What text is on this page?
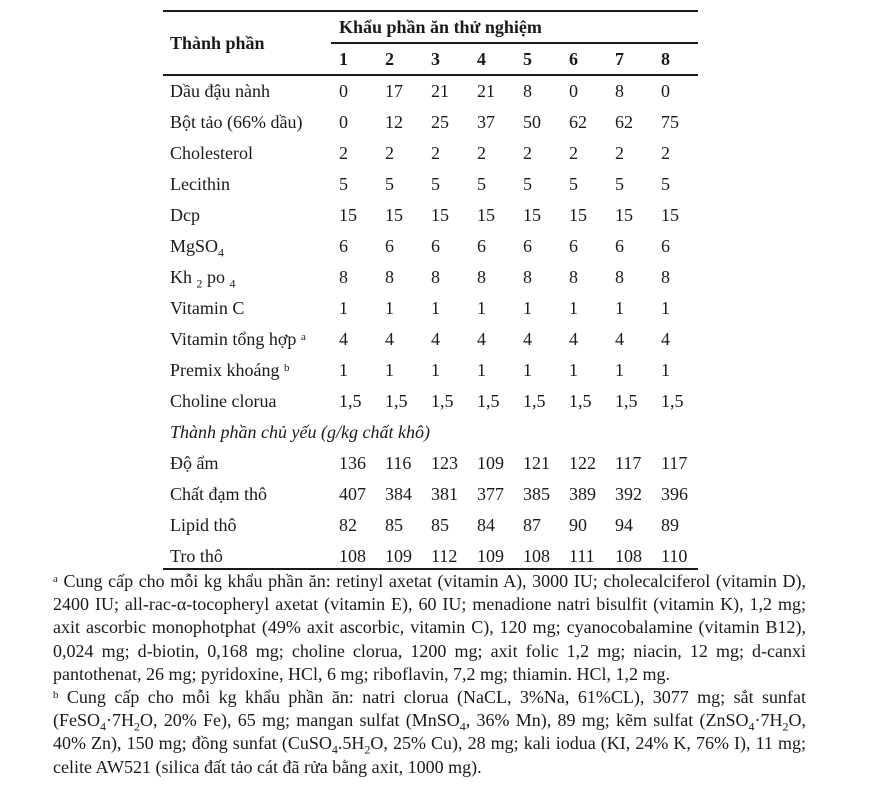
Thành phần
Khẩu phần ăn thử nghiệm
1 2 3 4 5 6 7 8
Dầu đậu nành	0 17 21 21 8 0 8 0
Bột tảo (66% dầu) 0 12 25 37 50 62 62 75
Cholesterol	2 2 2 2 2 2 2 2
Lecithin	5 5 5 5 5 5 5 5
Dcp	15 15 15 15 15 15 15 15
MgSO$_4$	6 6 6 6 6 6 6 6
Kh $_2$ po $_4$	8 8 8 8 8 8 8 8
Vitamin C	1 1 1 1 1 1 1 1
Vitamin tổng hợp $^a$ 4 4 4 4 4 4 4 4
Premix khoáng $^b$	1 1 1 1 1 1 1 1
Choline clorua	1,5 1,5 1,5 1,5 1,5 1,5 1,5 1,5
Thành phần chủ yếu (g/kg chất khô)
Độ ẩm	136 116 123 109 121 122 117 117
Chất đạm thô	407 384 381 377 385 389 392 396
Lipid thô	82 85 85 84 87 90 94 89
Tro thô	108 109 112 109 108 111 108 110

$^a$ Cung cấp cho mỗi kg khẩu phần ăn: retinyl axetat (vitamin A), 3000 IU; cholecalciferol (vitamin D), 2400 IU; all-rac-α-tocopheryl axetat (vitamin E), 60 IU; menadione natri bisulfit (vitamin K), 1,2 mg; axit ascorbic monophotphat (49% axit ascorbic, vitamin C), 120 mg; cyanocobalamine (vitamin B12), 0,024 mg; d-biotin, 0,168 mg; choline clorua, 1200 mg; axit folic 1,2 mg; niacin, 12 mg; d-canxi pantothenat, 26 mg; pyridoxine, HCl, 6 mg; riboflavin, 7,2 mg; thiamin. HCl, 1,2 mg.

$^b$ Cung cấp cho mỗi kg khẩu phần ăn: natri clorua (NaCL, 3%Na, 61%CL), 3077 mg; sắt sunfat ($FeSO_4\cdot 7H_2O$, 20% Fe), 65 mg; mangan sulfat (MnSO$_4$, 36% Mn), 89 mg; kẽm sulfat ($ZnSO_4\cdot 7H_2O$, 40% Zn), 150 mg; đồng sunfat ($CuSO_4.5H_2O$, 25% Cu), 28 mg; kali iodua (KI, 24% K, 76% I), 11 mg; celite AW521 (silica đất tảo cát đã rửa bằng axit, 1000 mg).
